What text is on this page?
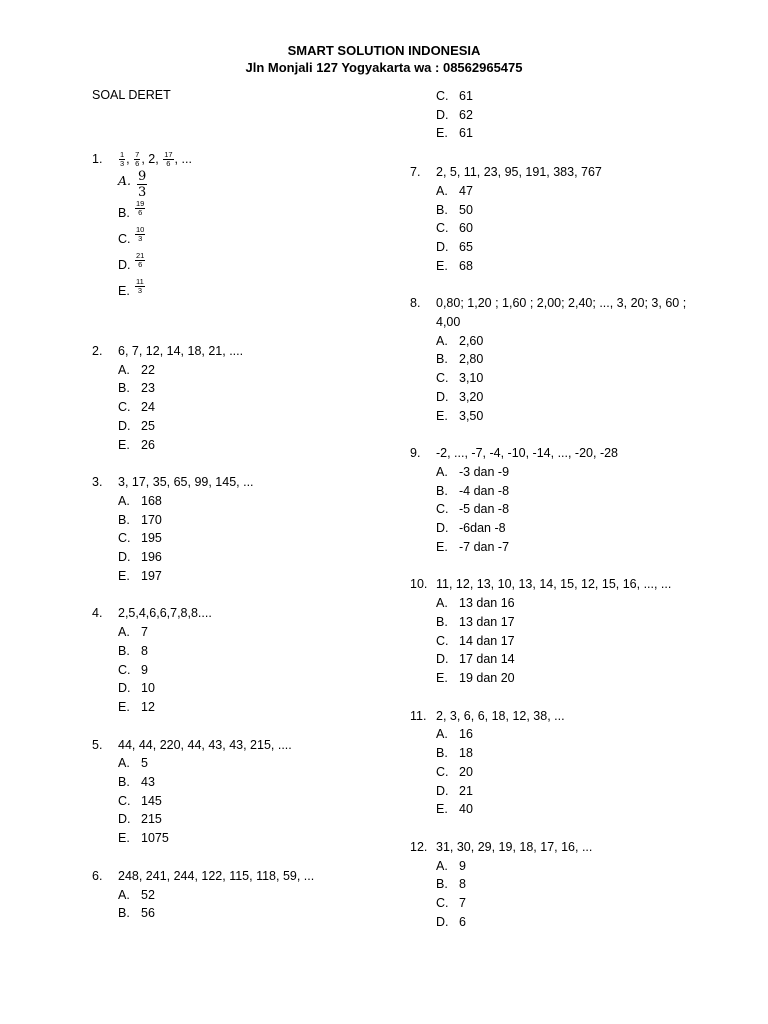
SMART SOLUTION INDONESIA
Jln Monjali 127 Yogyakarta wa : 08562965475
SOAL DERET
1.	$\frac{1}{3}$ , $\frac{7}{6}$ , 2, $\frac{17}{6}$ , ...
A. $\frac{9}{3}$
B. $\frac{19}{6}$
C. $\frac{10}{3}$
D. $\frac{21}{6}$
E. $\frac{11}{3}$
2.	6, 7, 12, 14, 18, 21, ....
A. 22
B. 23
C. 24
D. 25
E. 26
3.	3, 17, 35, 65, 99, 145, ...
A. 168
B. 170
C. 195
D. 196
E. 197
4.	2,5,4,6,6,7,8,8....
A. 7
B. 8
C. 9
D. 10
E. 12
5.	44, 44, 220, 44, 43, 43, 215, ....
A. 5
B. 43
C. 145
D. 215
E. 1075
6.	248, 241, 244, 122, 115, 118, 59, ...
A. 52
B. 56
C. 61
D. 62
E. 61
7.	2, 5, 11, 23, 95, 191, 383, 767
A. 47
B. 50
C. 60
D. 65
E. 68
8.	0,80; 1,20 ; 1,60 ; 2,00; 2,40; ..., 3, 20; 3, 60 ; 4,00
A. 2,60
B. 2,80
C. 3,10
D. 3,20
E. 3,50
9.	-2, ..., -7, -4, -10, -14, ..., -20, -28
A. -3 dan -9
B. -4 dan -8
C. -5 dan -8
D. -6dan -8
E. -7 dan -7
10. 11, 12, 13, 10, 13, 14, 15, 12, 15, 16, ..., ...
A. 13 dan 16
B. 13 dan 17
C. 14 dan 17
D. 17 dan 14
E. 19 dan 20
11. 2, 3, 6, 6, 18, 12, 38, ...
A. 16
B. 18
C. 20
D. 21
E. 40
12. 31, 30, 29, 19, 18, 17, 16, ...
A. 9
B. 8
C. 7
D. 6
